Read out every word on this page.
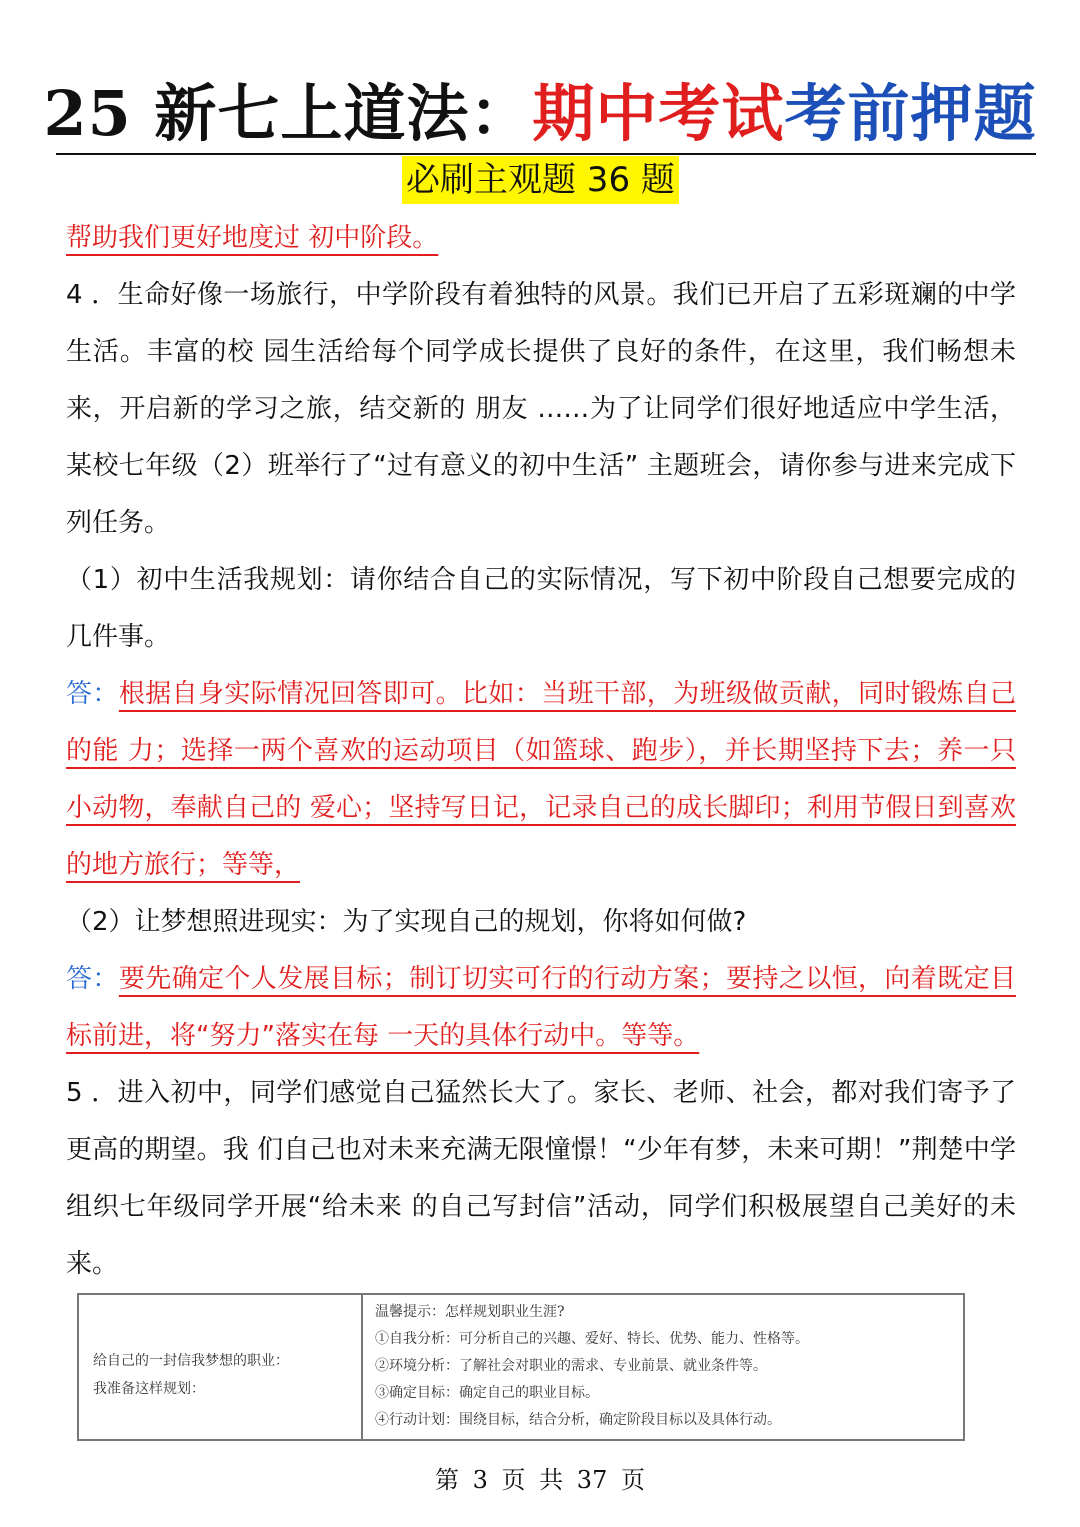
25 新七上道法：期中考试考前押题
必刷主观题 36 题

帮助我们更好地度过 初中阶段。

4 ．生命好像一场旅行，中学阶段有着独特的风景。我们已开启了五彩斑斓的中学生活。丰富的校 园生活给每个同学成长提供了良好的条件，在这里，我们畅想未来，开启新的学习之旅，结交新的 朋友 ……为了让同学们很好地适应中学生活，某校七年级（2）班举行了“过有意义的初中生活” 主题班会，请你参与进来完成下列任务。

（1）初中生活我规划：请你结合自己的实际情况，写下初中阶段自己想要完成的几件事。

答：根据自身实际情况回答即可。比如：当班干部，为班级做贡献，同时锻炼自己的能 力；选择一两个喜欢的运动项目（如篮球、跑步），并长期坚持下去；养一只小动物，奉献自己的 爱心；坚持写日记，记录自己的成长脚印；利用节假日到喜欢的地方旅行；等等，

（2）让梦想照进现实：为了实现自己的规划，你将如何做?

答：要先确定个人发展目标；制订切实可行的行动方案；要持之以恒，向着既定目标前进，将“努力”落实在每 一天的具体行动中。等等。

5 ．进入初中，同学们感觉自己猛然长大了。家长、老师、社会，都对我们寄予了更高的期望。我 们自己也对未来充满无限憧憬！“少年有梦，未来可期！”荆楚中学组织七年级同学开展“给未来 的自己写封信”活动，同学们积极展望自己美好的未来。

给自己的一封信我梦想的职业：
我准备这样规划：
温馨提示：怎样规划职业生涯?
①自我分析：可分析自己的兴趣、爱好、特长、优势、能力、性格等。
②环境分析：了解社会对职业的需求、专业前景、就业条件等。
③确定目标：确定自己的职业目标。
④行动计划：围绕目标，结合分析，确定阶段目标以及具体行动。
第 3 页 共 37 页
